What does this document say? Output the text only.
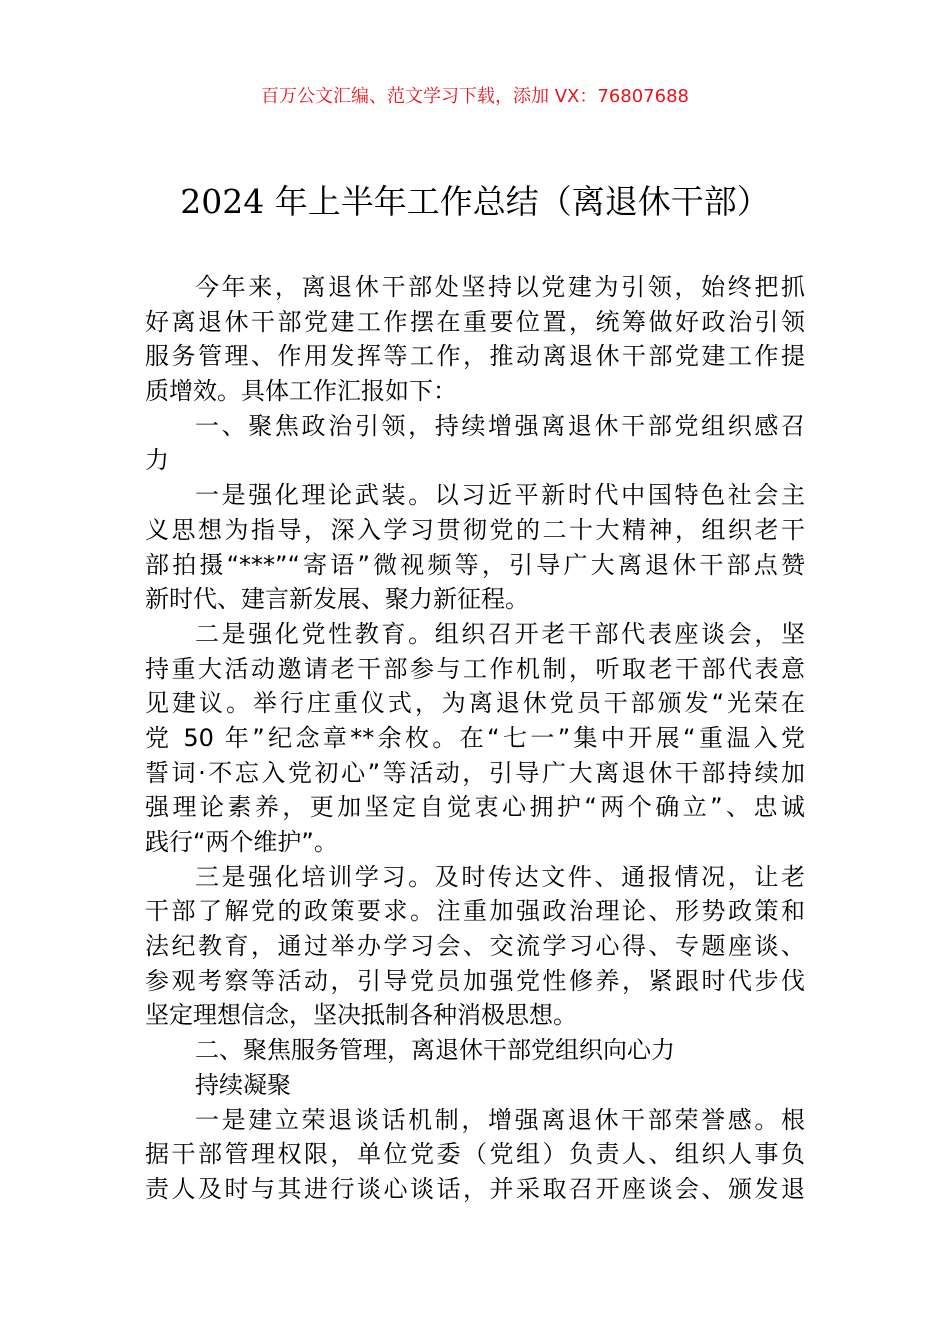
百万公文汇编、范文学习下载，添加 VX：76807688
2024 年上半年工作总结（离退休干部）
今年来，离退休干部处坚持以党建为引领，始终把抓
好离退休干部党建工作摆在重要位置，统筹做好政治引领
服务管理、作用发挥等工作，推动离退休干部党建工作提
质增效。具体工作汇报如下：
一、聚焦政治引领，持续增强离退休干部党组织感召
力
一是强化理论武装。以习近平新时代中国特色社会主
义思想为指导，深入学习贯彻党的二十大精神，组织老干
部拍摄“***”“寄语”微视频等，引导广大离退休干部点赞
新时代、建言新发展、聚力新征程。
二是强化党性教育。组织召开老干部代表座谈会，坚
持重大活动邀请老干部参与工作机制，听取老干部代表意
见建议。举行庄重仪式，为离退休党员干部颁发“光荣在
党 50 年”纪念章**余枚。在“七一”集中开展“重温入党
誓词·不忘入党初心”等活动，引导广大离退休干部持续加
强理论素养，更加坚定自觉衷心拥护“两个确立”、忠诚
践行“两个维护”。
三是强化培训学习。及时传达文件、通报情况，让老
干部了解党的政策要求。注重加强政治理论、形势政策和
法纪教育，通过举办学习会、交流学习心得、专题座谈、
参观考察等活动，引导党员加强党性修养，紧跟时代步伐
坚定理想信念，坚决抵制各种消极思想。
二、聚焦服务管理，离退休干部党组织向心力
持续凝聚
一是建立荣退谈话机制，增强离退休干部荣誉感。根
据干部管理权限，单位党委（党组）负责人、组织人事负
责人及时与其进行谈心谈话，并采取召开座谈会、颁发退
